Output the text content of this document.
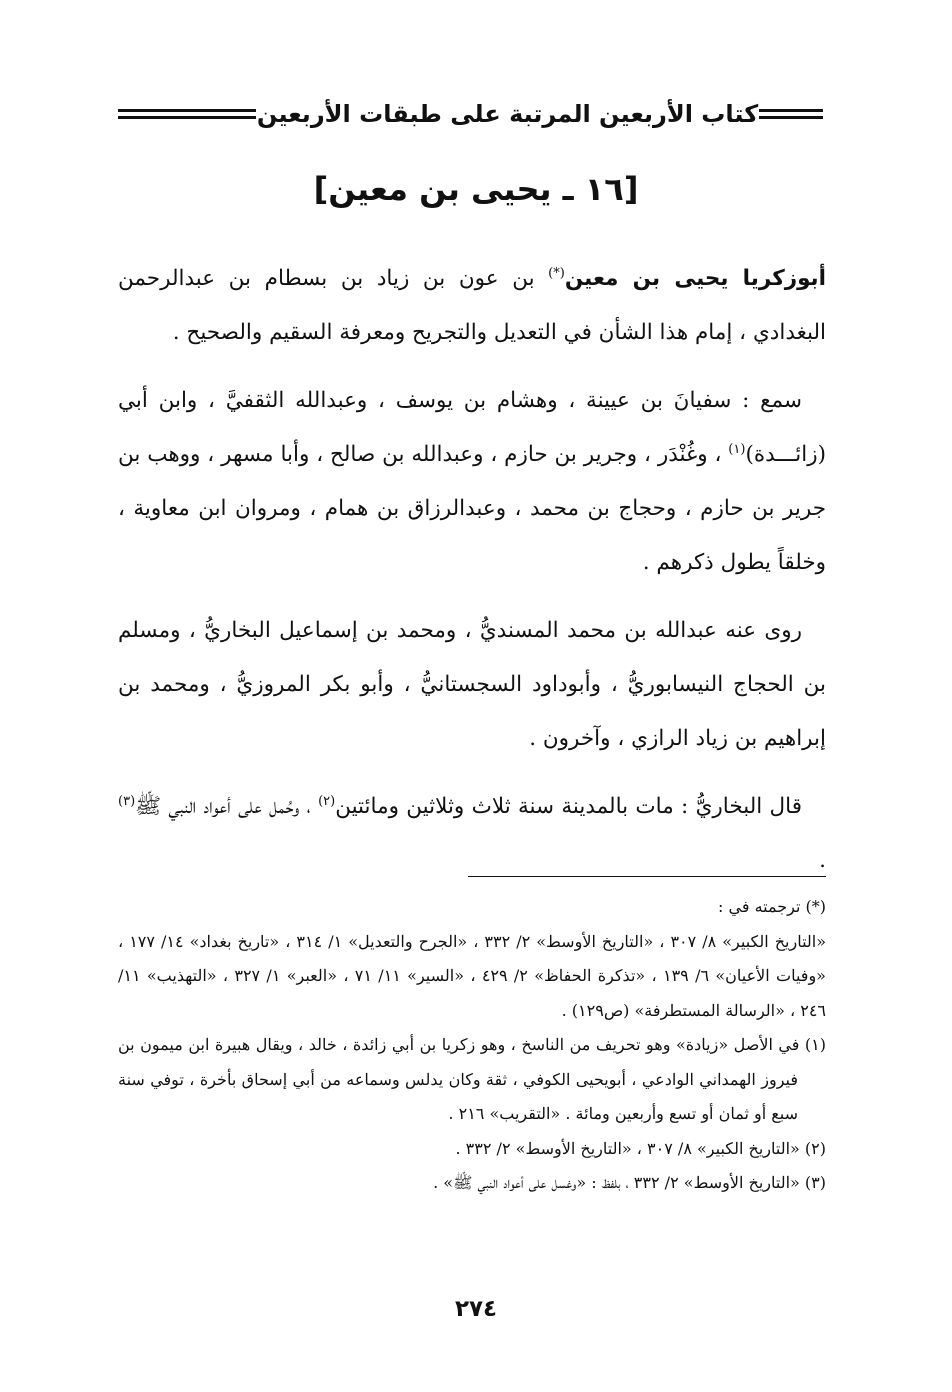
كتاب الأربعين المرتبة على طبقات الأربعين
[١٦ ـ يحيى بن معين]

أبوزكريا يحيى بن معين(*) بن عون بن زياد بن بسطام بن عبدالرحمن البغدادي ، إمام هذا الشأن في التعديل والتجريح ومعرفة السقيم والصحيح .

سمع : سفيانَ بن عيينة ، وهشام بن يوسف ، وعبدالله الثقفيَّ ، وابن أبي (زائـــدة)$^{(١)}$ ، وغُنْدَر ، وجرير بن حازم ، وعبدالله بن صالح ، وأبا مسهر ، ووهب بن جرير بن حازم ، وحجاج بن محمد ، وعبدالرزاق بن همام ، ومروان ابن معاوية ، وخلقاً يطول ذكرهم .

روى عنه عبدالله بن محمد المسنديُّ ، ومحمد بن إسماعيل البخاريُّ ، ومسلم بن الحجاج النيسابوريُّ ، وأبوداود السجستانيُّ ، وأبو بكر المروزيُّ ، ومحمد بن إبراهيم بن زياد الرازي ، وآخرون .

قال البخاريُّ : مات بالمدينة سنة ثلاث وثلاثين ومائتين$^{(٢)}$ ، وحُمل على أعواد النبي ﷺ$^{(٣)}$ .

(*) ترجمته في :

«التاريخ الكبير» ٨/ ٣٠٧ ، «التاريخ الأوسط» ٢/ ٣٣٢ ، «الجرح والتعديل» ١/ ٣١٤ ، «تاريخ بغداد» ١٤/ ١٧٧ ، «وفيات الأعيان» ٦/ ١٣٩ ، «تذكرة الحفاظ» ٢/ ٤٢٩ ، «السير» ١١/ ٧١ ، «العبر» ١/ ٣٢٧ ، «التهذيب» ١١/ ٢٤٦ ، «الرسالة المستطرفة» (ص١٢٩) .

(١) في الأصل «زيادة» وهو تحريف من الناسخ ، وهو زكريا بن أبي زائدة ، خالد ، ويقال هبيرة ابن ميمون بن فيروز الهمداني الوادعي ، أبويحيى الكوفي ، ثقة وكان يدلس وسماعه من أبي إسحاق بأخرة ، توفي سنة سبع أو ثمان أو تسع وأربعين ومائة . «التقريب» ٢١٦ .

(٢) «التاريخ الكبير» ٨/ ٣٠٧ ، «التاريخ الأوسط» ٢/ ٣٣٢ .

(٣) «التاريخ الأوسط» ٢/ ٣٣٢ ، بلفظ : «وغسل على أعواد النبي ﷺ» .

٢٧٤
